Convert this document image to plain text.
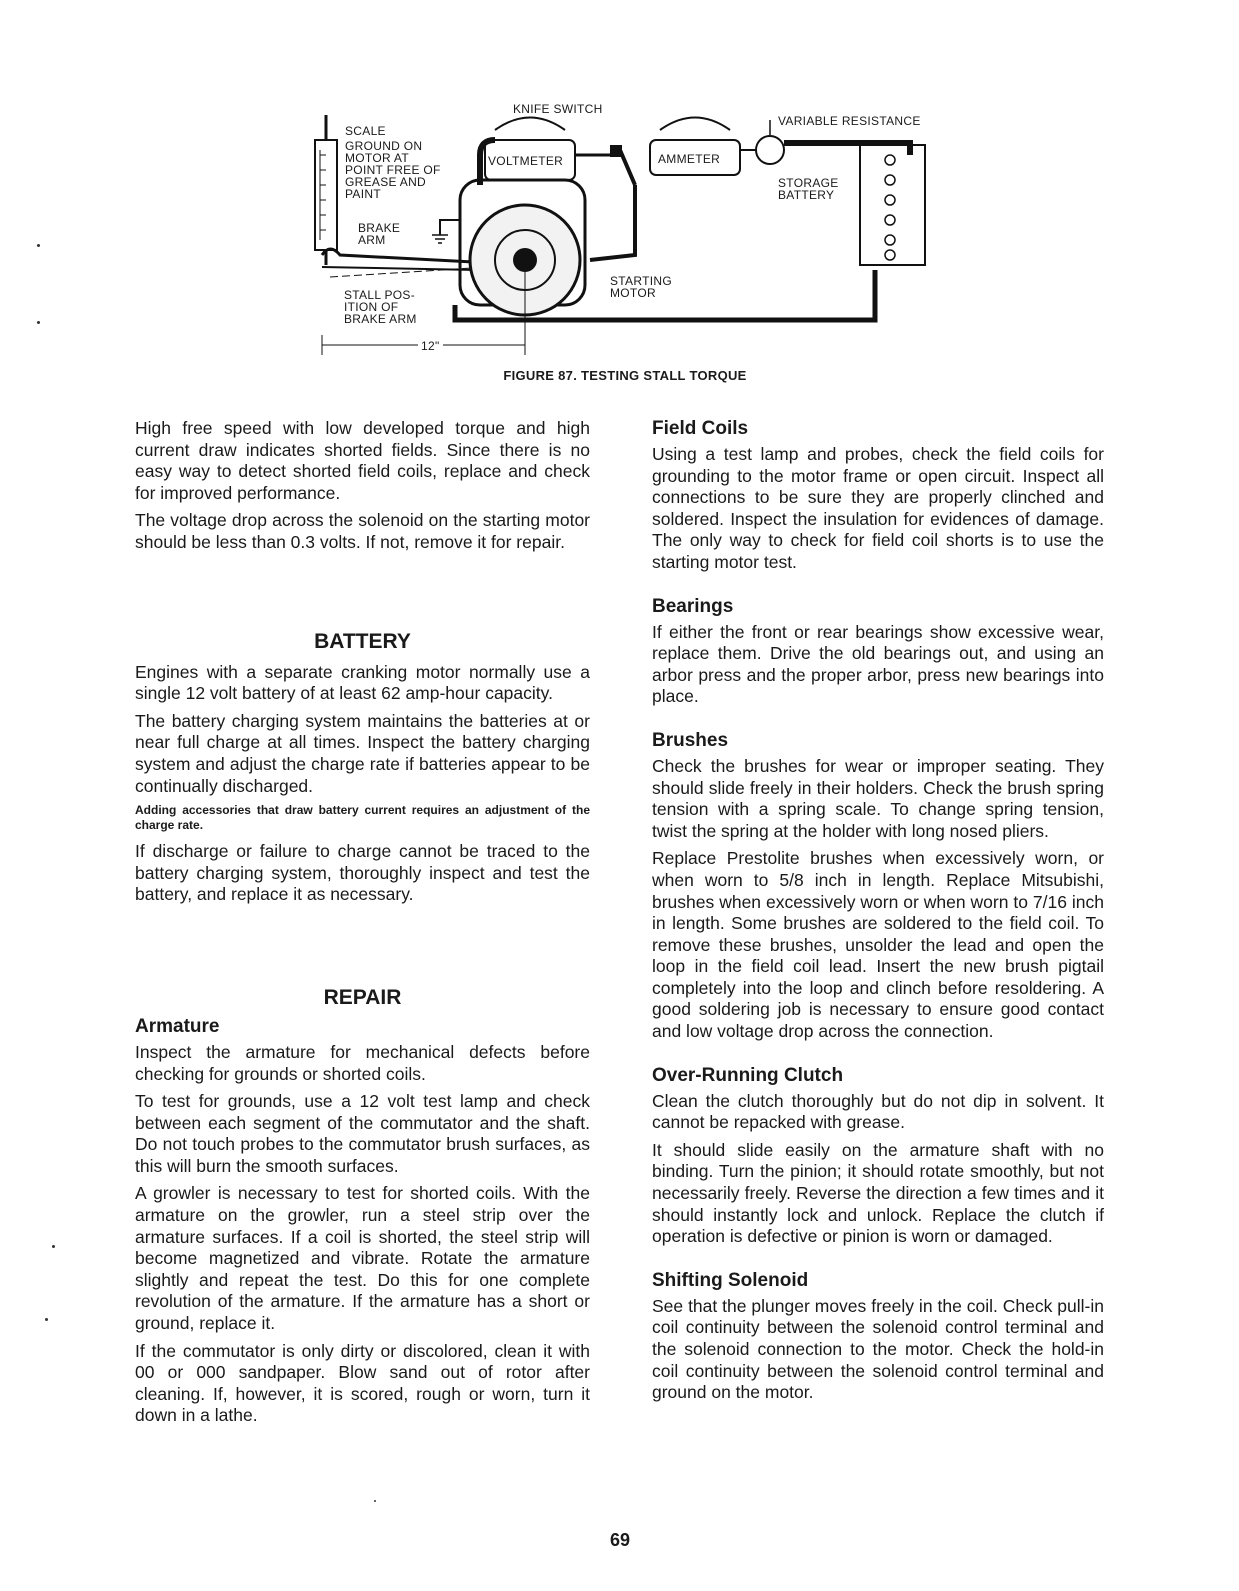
SCALE
GROUND ON
MOTOR AT
POINT FREE OF
GREASE AND
PAINT
BRAKE
ARM
STALL POS-
ITION OF
BRAKE ARM
KNIFE SWITCH
VOLTMETER	AMMETER
VARIABLE RESISTANCE
STORAGE
BATTERY
STARTING
MOTOR
12"
FIGURE 87. TESTING STALL TORQUE

High free speed with low developed torque and high current draw indicates shorted fields. Since there is no easy way to detect shorted field coils, replace and check for improved performance.

The voltage drop across the solenoid on the starting motor should be less than 0.3 volts. If not, remove it for repair.

BATTERY

Engines with a separate cranking motor normally use a single 12 volt battery of at least 62 amp-hour capacity.

The battery charging system maintains the batteries at or near full charge at all times. Inspect the battery charging system and adjust the charge rate if batteries appear to be continually discharged.

Adding accessories that draw battery current requires an adjustment of the charge rate.

If discharge or failure to charge cannot be traced to the battery charging system, thoroughly inspect and test the battery, and replace it as necessary.

REPAIR
Armature

Inspect the armature for mechanical defects before checking for grounds or shorted coils.

To test for grounds, use a 12 volt test lamp and check between each segment of the commutator and the shaft. Do not touch probes to the commutator brush surfaces, as this will burn the smooth surfaces.

A growler is necessary to test for shorted coils. With the armature on the growler, run a steel strip over the armature surfaces. If a coil is shorted, the steel strip will become magnetized and vibrate. Rotate the armature slightly and repeat the test. Do this for one complete revolution of the armature. If the armature has a short or ground, replace it.

If the commutator is only dirty or discolored, clean it with 00 or 000 sandpaper. Blow sand out of rotor after cleaning. If, however, it is scored, rough or worn, turn it down in a lathe.

Field Coils

Using a test lamp and probes, check the field coils for grounding to the motor frame or open circuit. Inspect all connections to be sure they are properly clinched and soldered. Inspect the insulation for evidences of damage. The only way to check for field coil shorts is to use the starting motor test.

Bearings

If either the front or rear bearings show excessive wear, replace them. Drive the old bearings out, and using an arbor press and the proper arbor, press new bearings into place.

Brushes

Check the brushes for wear or improper seating. They should slide freely in their holders. Check the brush spring tension with a spring scale. To change spring tension, twist the spring at the holder with long nosed pliers.

Replace Prestolite brushes when excessively worn, or when worn to 5/8 inch in length. Replace Mitsubishi, brushes when excessively worn or when worn to 7/16 inch in length. Some brushes are soldered to the field coil. To remove these brushes, unsolder the lead and open the loop in the field coil lead. Insert the new brush pigtail completely into the loop and clinch before resoldering. A good soldering job is necessary to ensure good contact and low voltage drop across the connection.

Over-Running Clutch

Clean the clutch thoroughly but do not dip in solvent. It cannot be repacked with grease.

It should slide easily on the armature shaft with no binding. Turn the pinion; it should rotate smoothly, but not necessarily freely. Reverse the direction a few times and it should instantly lock and unlock. Replace the clutch if operation is defective or pinion is worn or damaged.

Shifting Solenoid

See that the plunger moves freely in the coil. Check pull-in coil continuity between the solenoid control terminal and the solenoid connection to the motor. Check the hold-in coil continuity between the solenoid control terminal and ground on the motor.

69
